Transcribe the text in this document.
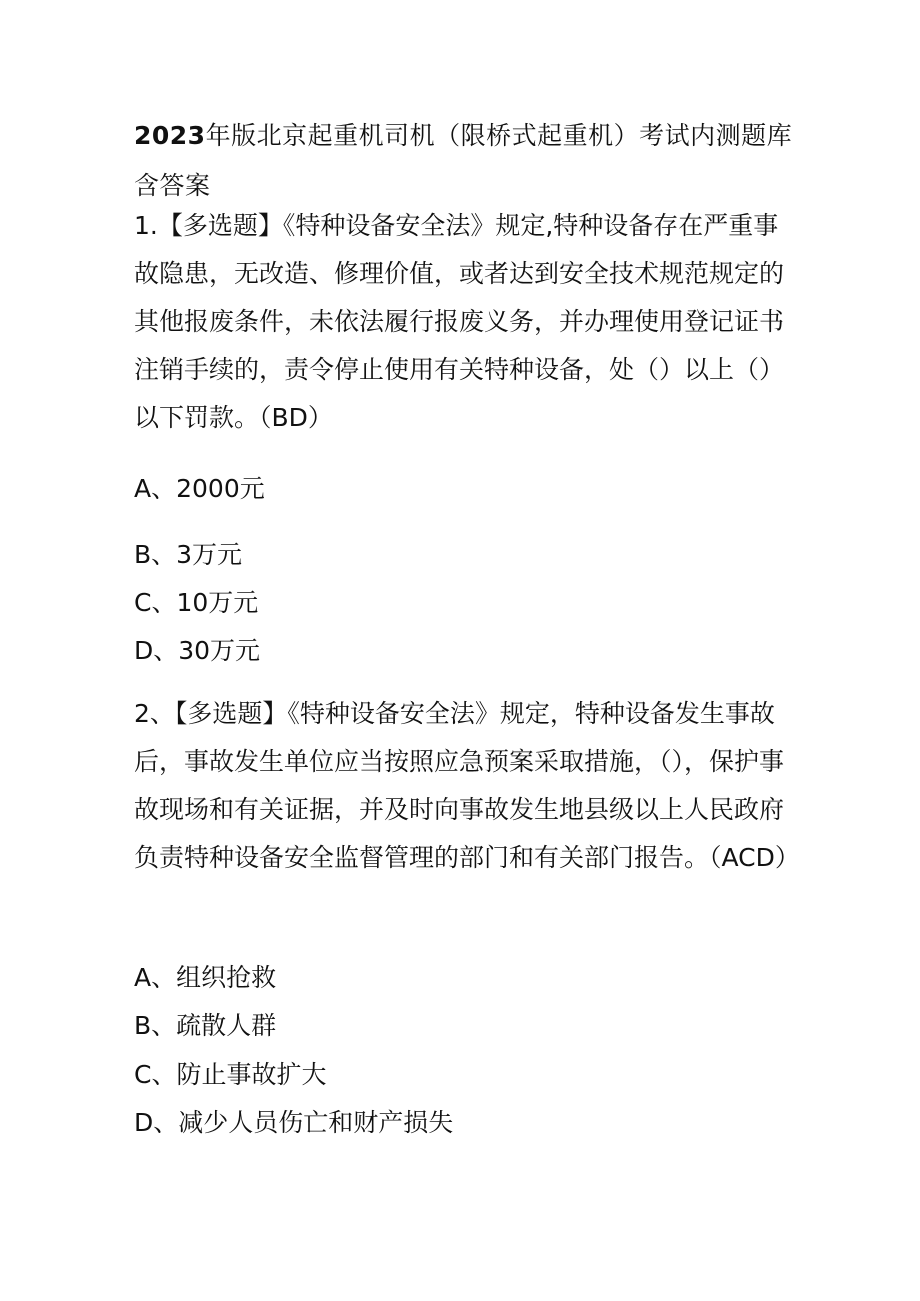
2023年版北京起重机司机（限桥式起重机）考试内测题库含答案
1.【多选题】《特种设备安全法》规定,特种设备存在严重事故隐患，无改造、修理价值，或者达到安全技术规范规定的其他报废条件，未依法履行报废义务，并办理使用登记证书注销手续的，责令停止使用有关特种设备，处（）以上（）以下罚款。（BD）
A、2000元
B、3万元
C、10万元
D、30万元
2、【多选题】《特种设备安全法》规定，特种设备发生事故后，事故发生单位应当按照应急预案采取措施，（），保护事故现场和有关证据，并及时向事故发生地县级以上人民政府负责特种设备安全监督管理的部门和有关部门报告。（ACD）
A、组织抢救
B、疏散人群
C、防止事故扩大
D、减少人员伤亡和财产损失
